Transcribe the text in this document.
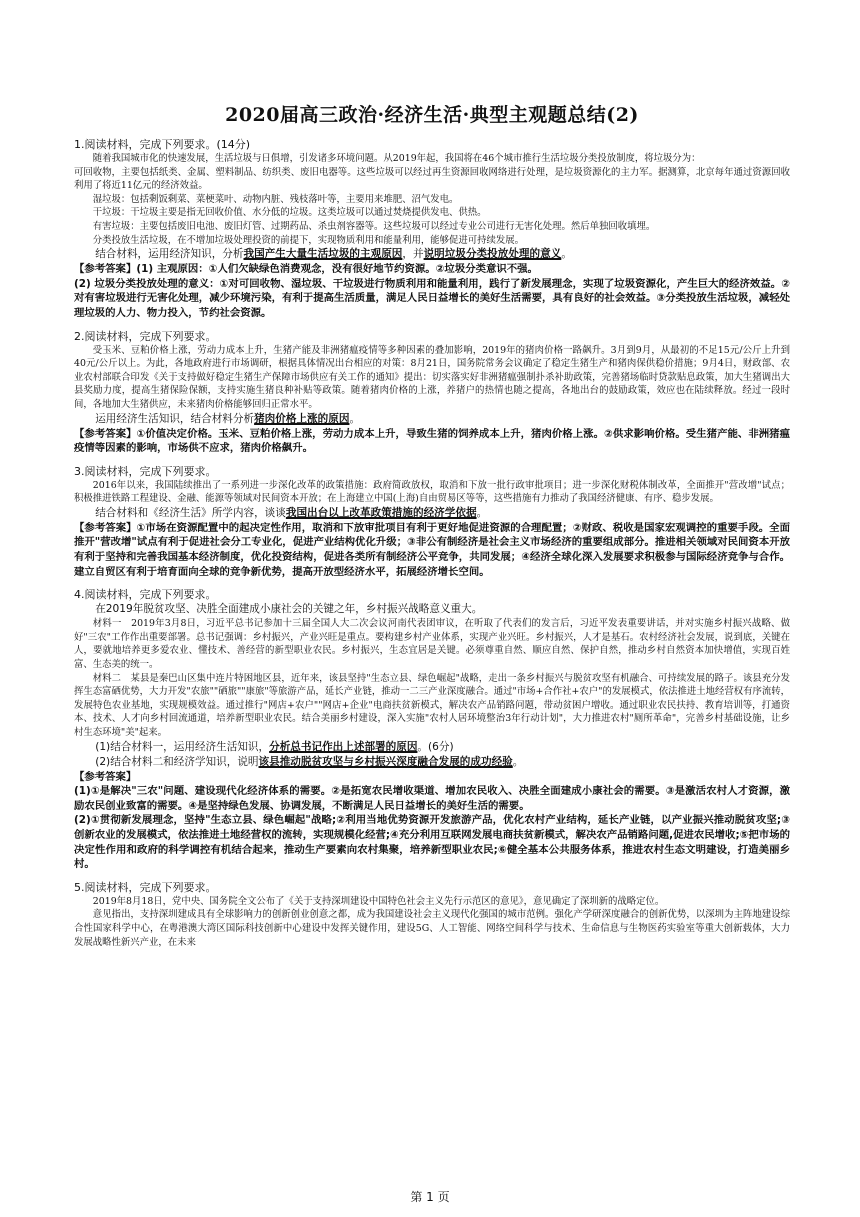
2020届高三政治·经济生活·典型主观题总结(2)
1.阅读材料，完成下列要求。(14分)

随着我国城市化的快速发展，生活垃圾与日俱增，引发诸多环境问题。从2019年起，我国将在46个城市推行生活垃圾分类投放制度，将垃圾分为：

可回收物，主要包括纸类、金属、塑料制品、纺织类、废旧电器等。这些垃圾可以经过再生资源回收网络进行处理，是垃圾资源化的主力军。据测算，北京每年通过资源回收利用了将近11亿元的经济效益。

湿垃圾：包括剩饭剩菜、菜梗菜叶、动物内脏、残枝落叶等，主要用来堆肥、沼气发电。

干垃圾：干垃圾主要是指无回收价值、水分低的垃圾。这类垃圾可以通过焚烧提供发电、供热。

有害垃圾：主要包括废旧电池、废旧灯管、过期药品、杀虫剂容器等。这些垃圾可以经过专业公司进行无害化处理。然后单独回收填埋。

分类投放生活垃圾，在不增加垃圾处理投资的前提下，实现物质利用和能量利用，能够促进可持续发展。

结合材料，运用经济知识，分析我国产生大量生活垃圾的主观原因，并说明垃圾分类投放处理的意义。

【参考答案】(1) 主观原因：①人们欠缺绿色消费观念，没有很好地节约资源。②垃圾分类意识不强。

(2) 垃圾分类投放处理的意义：①对可回收物、湿垃圾、干垃圾进行物质利用和能量利用，践行了新发展理念，实现了垃圾资源化，产生巨大的经济效益。②对有害垃圾进行无害化处理，减少环境污染，有利于提高生活质量，满足人民日益增长的美好生活需要，具有良好的社会效益。③分类投放生活垃圾，减轻处理垃圾的人力、物力投入，节约社会资源。

2.阅读材料，完成下列要求。

受玉米、豆粕价格上涨，劳动力成本上升，生猪产能及非洲猪瘟疫情等多种因素的叠加影响，2019年的猪肉价格一路飙升。3月到9月，从最初的不足15元/公斤上升到40元/公斤以上。为此，各地政府进行市场调研，根据具体情况出台相应的对策：8月21日，国务院常务会议确定了稳定生猪生产和猪肉保供稳价措施；9月4日，财政部、农业农村部联合印发《关于支持做好稳定生猪生产保障市场供应有关工作的通知》提出：切实落实好非洲猪瘟强制扑杀补助政策，完善猪场临时贷款贴息政策，加大生猪调出大县奖励力度，提高生猪保险保额，支持实施生猪良种补贴等政策。随着猪肉价格的上涨，养猪户的热情也随之提高，各地出台的鼓励政策，效应也在陆续释放。经过一段时间，各地加大生猪供应，未来猪肉价格能够回归正常水平。

运用经济生活知识，结合材料分析猪肉价格上涨的原因。

【参考答案】①价值决定价格。玉米、豆粕价格上涨，劳动力成本上升，导致生猪的饲养成本上升，猪肉价格上涨。②供求影响价格。受生猪产能、非洲猪瘟疫情等因素的影响，市场供不应求，猪肉价格飙升。

3.阅读材料，完成下列要求。

2016年以来，我国陆续推出了一系列进一步深化改革的政策措施：政府简政放权，取消和下放一批行政审批项目；进一步深化财税体制改革，全面推开"营改增"试点；积极推进铁路工程建设、金融、能源等领域对民间资本开放；在上海建立中国(上海)自由贸易区等等，这些措施有力推动了我国经济健康、有序、稳步发展。

结合材料和《经济生活》所学内容，谈谈我国出台以上改革政策措施的经济学依据。

【参考答案】①市场在资源配置中的起决定性作用，取消和下放审批项目有利于更好地促进资源的合理配置；②财政、税收是国家宏观调控的重要手段。全面推开"营改增"试点有利于促进社会分工专业化，促进产业结构优化升级；③非公有制经济是社会主义市场经济的重要组成部分。推进相关领域对民间资本开放有利于坚持和完善我国基本经济制度，优化投资结构，促进各类所有制经济公平竞争，共同发展；④经济全球化深入发展要求积极参与国际经济竞争与合作。建立自贸区有利于培育面向全球的竞争新优势，提高开放型经济水平，拓展经济增长空间。

4.阅读材料，完成下列要求。

在2019年脱贫攻坚、决胜全面建成小康社会的关键之年，乡村振兴战略意义重大。

材料一　2019年3月8日，习近平总书记参加十三届全国人大二次会议河南代表团审议，在听取了代表们的发言后，习近平发表重要讲话，并对实施乡村振兴战略、做好"三农"工作作出重要部署。总书记强调：乡村振兴，产业兴旺是重点。要构建乡村产业体系，实现产业兴旺。乡村振兴，人才是基石。农村经济社会发展，说到底，关键在人，要就地培养更多爱农业、懂技术、善经营的新型职业农民。乡村振兴，生态宜居是关键。必须尊重自然、顺应自然、保护自然，推动乡村自然资本加快增值，实现百姓富、生态美的统一。

材料二　某县是秦巴山区集中连片特困地区县，近年来，该县坚持"生态立县、绿色崛起"战略，走出一条乡村振兴与脱贫攻坚有机融合、可持续发展的路子。该县充分发挥生态富硒优势，大力开发"农旅""硒旅""康旅"等旅游产品，延长产业链，推动一二三产业深度融合。通过"市场+合作社+农户"的发展模式，依法推进土地经营权有序流转，发展特色农业基地，实现规模效益。通过推行"网店+农户""网店+企业"电商扶贫新模式，解决农产品销路问题，带动贫困户增收。通过职业农民扶持、教育培训等，打通资本、技术、人才向乡村回流通道，培养新型职业农民。结合美丽乡村建设，深入实施"农村人居环境整治3年行动计划"，大力推进农村"厕所革命"，完善乡村基础设施，让乡村生态环境"美"起来。

(1)结合材料一，运用经济生活知识，分析总书记作出上述部署的原因。(6分)

(2)结合材料二和经济学知识，说明该县推动脱贫攻坚与乡村振兴深度融合发展的成功经验。

【参考答案】

(1)①是解决"三农"问题、建设现代化经济体系的需要。②是拓宽农民增收渠道、增加农民收入、决胜全面建成小康社会的需要。③是激活农村人才资源，激励农民创业致富的需要。④是坚持绿色发展、协调发展，不断满足人民日益增长的美好生活的需要。

(2)①贯彻新发展理念，坚持"生态立县、绿色崛起"战略;②利用当地优势资源开发旅游产品，优化农村产业结构，延长产业链，以产业振兴推动脱贫攻坚;③创新农业的发展模式，依法推进土地经营权的流转，实现规模化经营;④充分利用互联网发展电商扶贫新模式，解决农产品销路问题,促进农民增收;⑤把市场的决定性作用和政府的科学调控有机结合起来，推动生产要素向农村集聚，培养新型职业农民;⑥健全基本公共服务体系，推进农村生态文明建设，打造美丽乡村。

5.阅读材料，完成下列要求。

2019年8月18日，党中央、国务院全文公布了《关于支持深圳建设中国特色社会主义先行示范区的意见》，意见确定了深圳新的战略定位。

意见指出，支持深圳建成具有全球影响力的创新创业创意之都，成为我国建设社会主义现代化强国的城市范例。强化产学研深度融合的创新优势，以深圳为主阵地建设综合性国家科学中心，在粤港澳大湾区国际科技创新中心建设中发挥关键作用，建设5G、人工智能、网络空间科学与技术、生命信息与生物医药实验室等重大创新载体，大力发展战略性新兴产业，在未来

第 1 页
